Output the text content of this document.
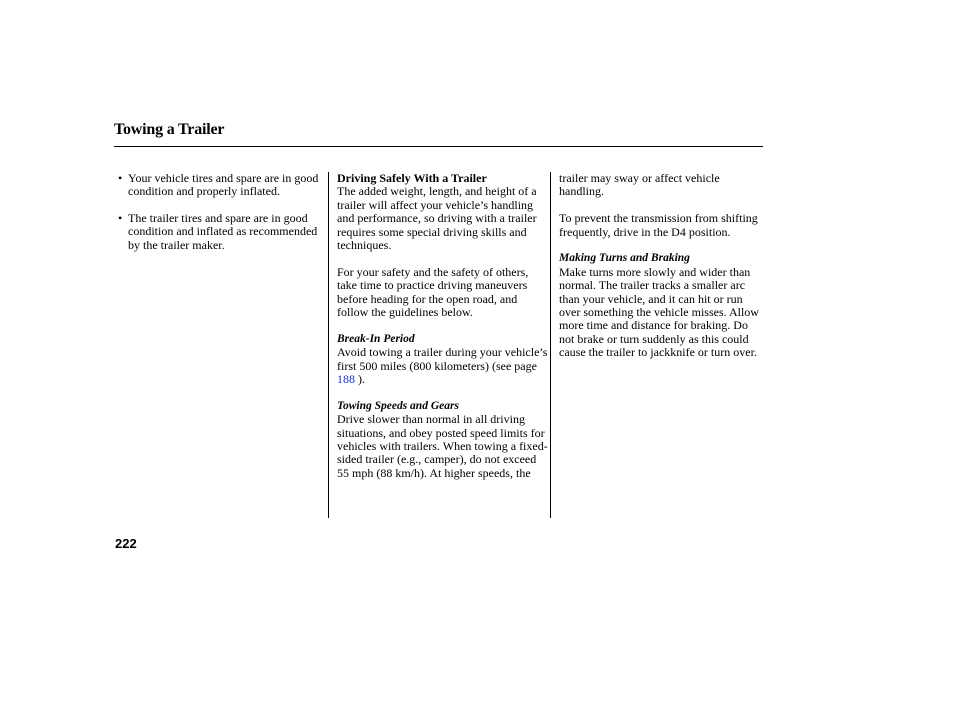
Towing a Trailer
• Your vehicle tires and spare are in good condition and properly inflated.
• The trailer tires and spare are in good condition and inflated as recommended by the trailer maker.
Driving Safely With a Trailer

The added weight, length, and height of a trailer will affect your vehicle’s handling and performance, so driving with a trailer requires some special driving skills and techniques.

For your safety and the safety of others, take time to practice driving maneuvers before heading for the open road, and follow the guidelines below.

Break-In Period

Avoid towing a trailer during your vehicle’s first 500 miles (800 kilometers) (see page 188 ).

Towing Speeds and Gears

Drive slower than normal in all driving situations, and obey posted speed limits for vehicles with trailers. When towing a fixed-sided trailer (e.g., camper), do not exceed 55 mph (88 km/h). At higher speeds, the

trailer may sway or affect vehicle handling.

To prevent the transmission from shifting frequently, drive in the D4 position.

Making Turns and Braking

Make turns more slowly and wider than normal. The trailer tracks a smaller arc than your vehicle, and it can hit or run over something the vehicle misses. Allow more time and distance for braking. Do not brake or turn suddenly as this could cause the trailer to jackknife or turn over.

222
